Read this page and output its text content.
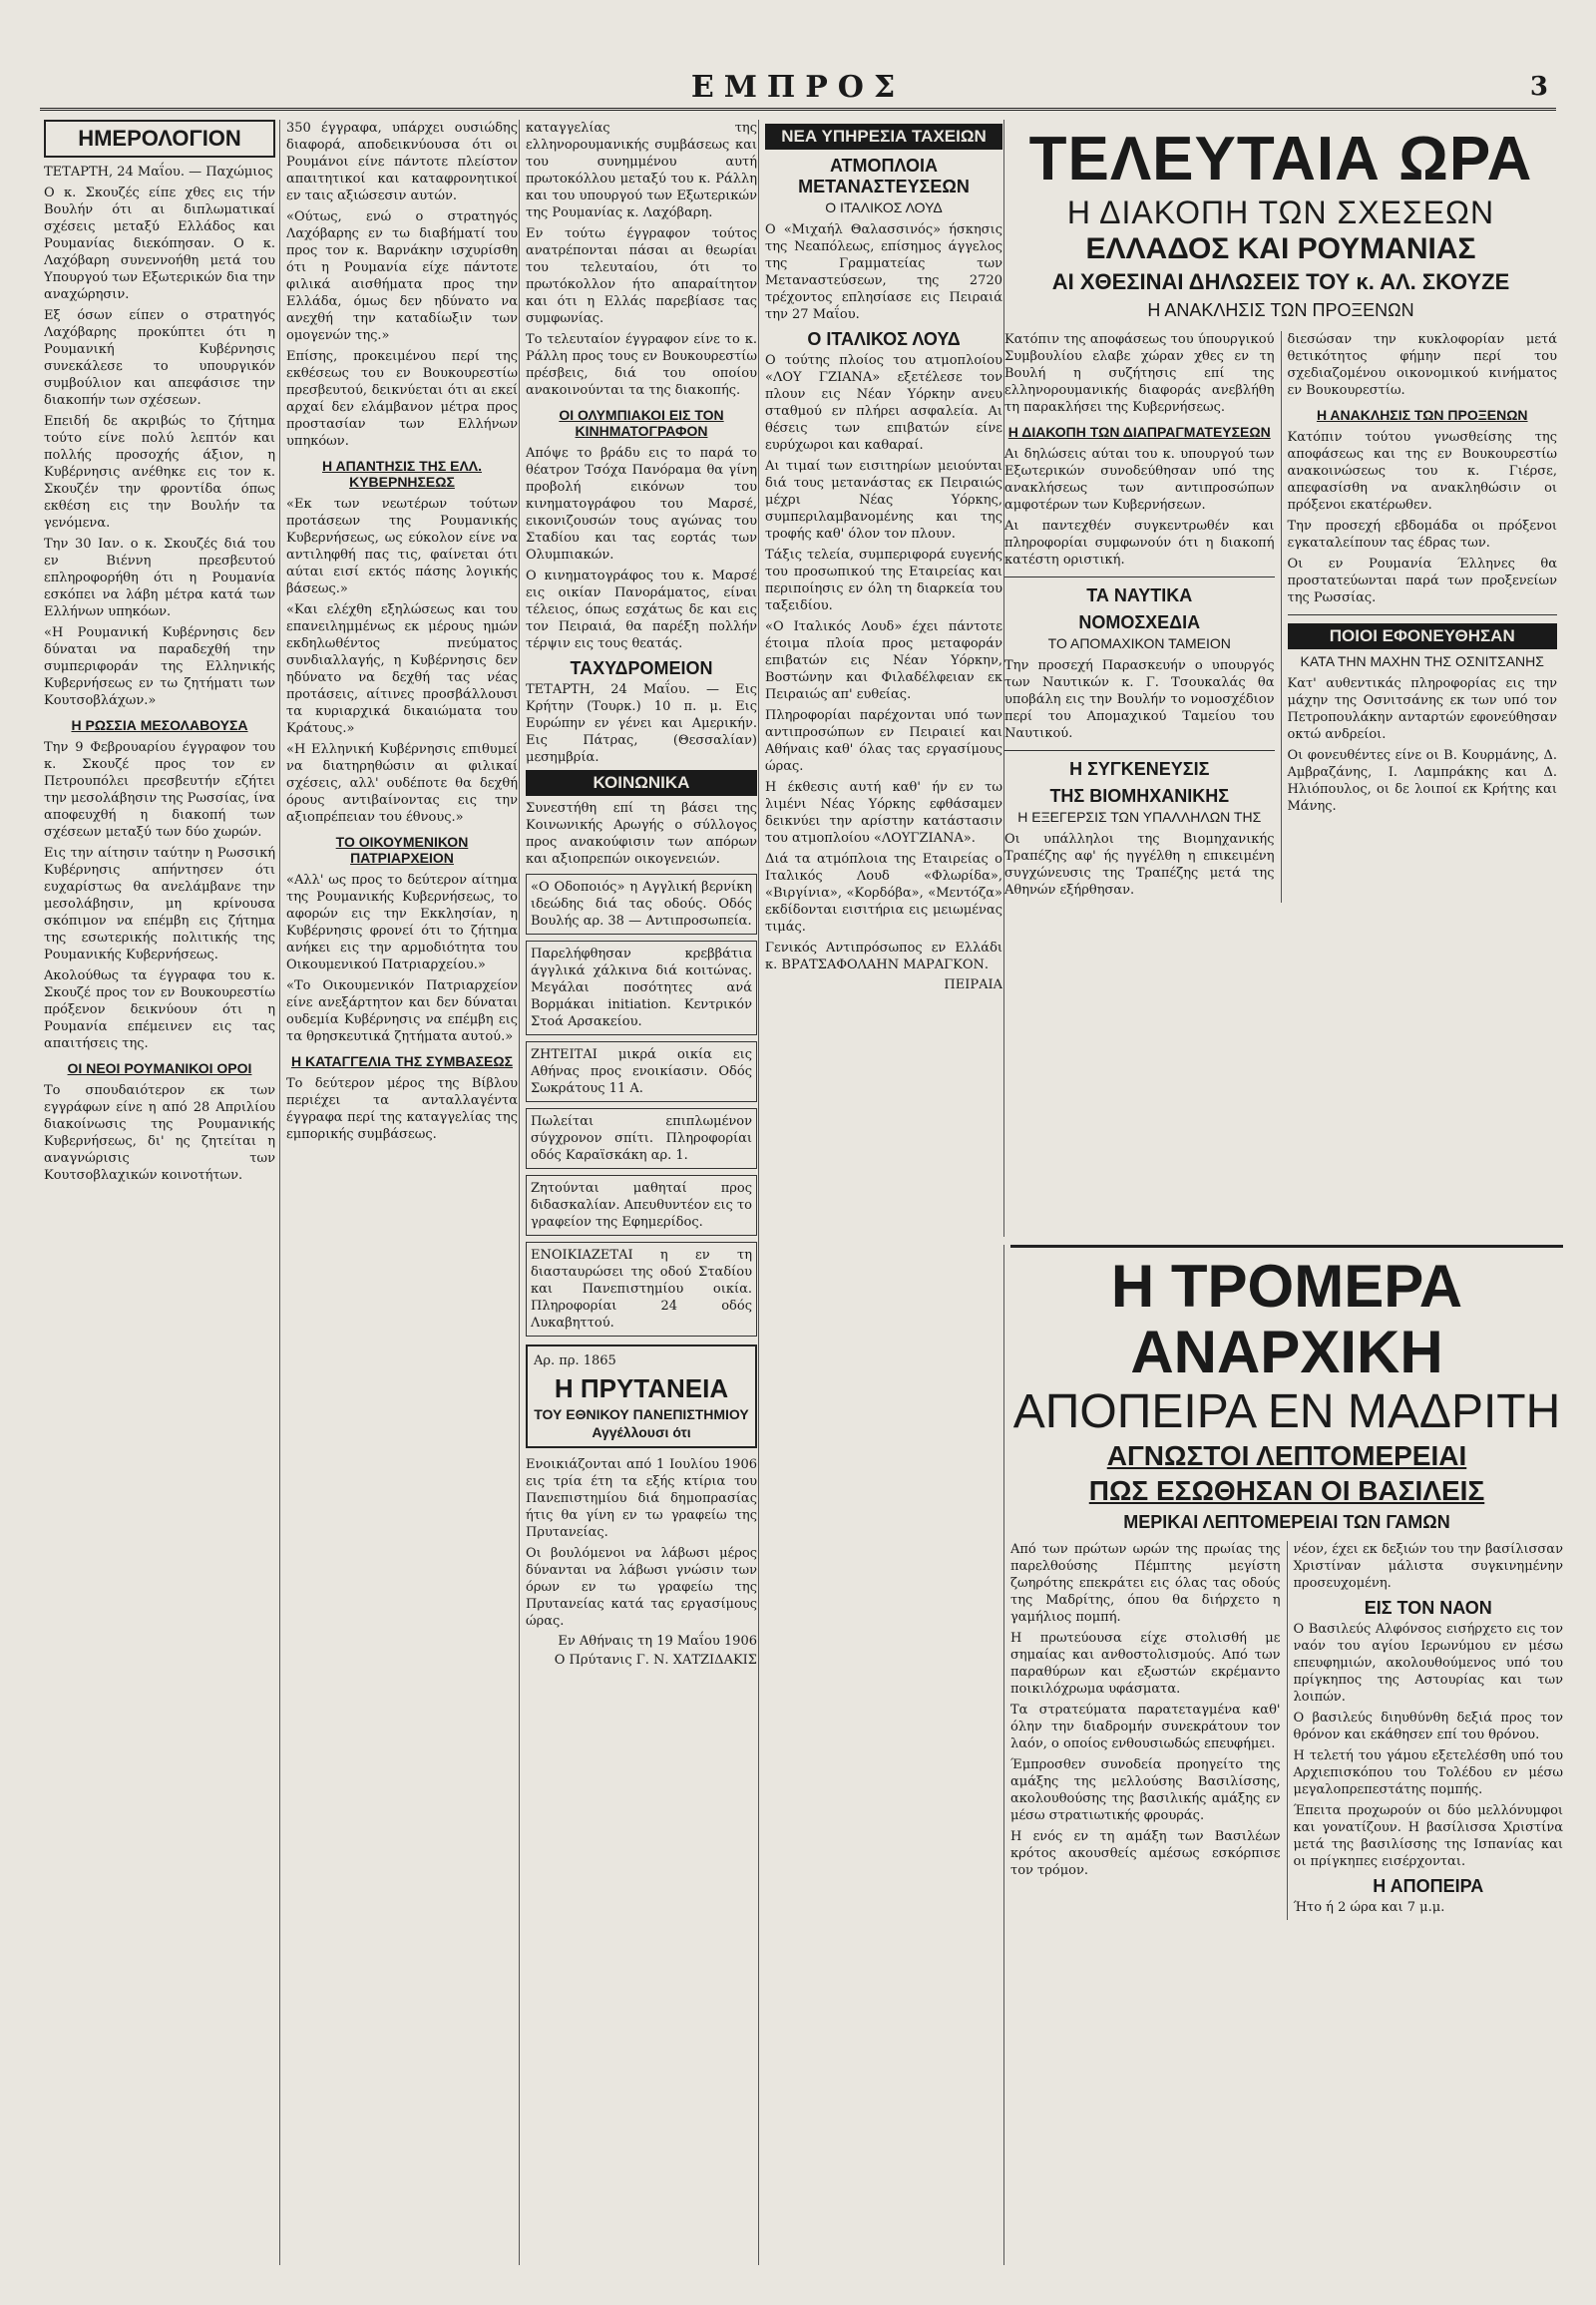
ΕΜΠΡΟΣ	3
ΗΜΕΡΟΛΟΓΙΟΝ

ΤΕΤΑΡΤΗ, 24 Μαΐου. — Παχώμιος

Ο κ. Σκουζές είπε χθες εις τήν Βουλήν ότι αι διπλωματικαί σχέσεις μεταξύ Ελλάδος και Ρουμανίας διεκόπησαν. Ο κ. Λαχόβαρη συνεννοήθη μετά του Υπουργού των Εξωτερικών δια την αναχώρησιν.

Εξ όσων είπεν ο στρατηγός Λαχόβαρης προκύπτει ότι η Ρουμανική Κυβέρνησις συνεκάλεσε το υπουργικόν συμβούλιον και απεφάσισε την διακοπήν των σχέσεων.

Επειδή δε ακριβώς το ζήτημα τούτο είνε πολύ λεπτόν και πολλής προσοχής άξιον, η Κυβέρνησις ανέθηκε εις τον κ. Σκουζέν την φροντίδα όπως εκθέση εις την Βουλήν τα γενόμενα.

Την 30 Ιαν. ο κ. Σκουζές διά του εν Βιέννη πρεσβευτού επληροφορήθη ότι η Ρουμανία εσκόπει να λάβη μέτρα κατά των Ελλήνων υπηκόων.

«Η Ρουμανική Κυβέρνησις δεν δύναται να παραδεχθή την συμπεριφοράν της Ελληνικής Κυβερνήσεως εν τω ζητήματι των Κουτσοβλάχων.»

Η ΡΩΣΣΙΑ ΜΕΣΟΛΑΒΟΥΣΑ

Την 9 Φεβρουαρίου έγγραφον του κ. Σκουζέ προς τον εν Πετρουπόλει πρεσβευτήν εζήτει την μεσολάβησιν της Ρωσσίας, ίνα αποφευχθή η διακοπή των σχέσεων μεταξύ των δύο χωρών.

Εις την αίτησιν ταύτην η Ρωσσική Κυβέρνησις απήντησεν ότι ευχαρίστως θα ανελάμβανε την μεσολάβησιν, μη κρίνουσα σκόπιμον να επέμβη εις ζήτημα της εσωτερικής πολιτικής της Ρουμανικής Κυβερνήσεως.

Ακολούθως τα έγγραφα του κ. Σκουζέ προς τον εν Βουκουρεστίω πρόξενον δεικνύουν ότι η Ρουμανία επέμεινεν εις τας απαιτήσεις της.

ΟΙ ΝΕΟΙ ΡΟΥΜΑΝΙΚΟΙ ΟΡΟΙ

Το σπουδαιότερον εκ των εγγράφων είνε η από 28 Απριλίου διακοίνωσις της Ρουμανικής Κυβερνήσεως, δι' ης ζητείται η αναγνώρισις των Κουτσοβλαχικών κοινοτήτων.

350 έγγραφα, υπάρχει ουσιώδης διαφορά, αποδεικνύουσα ότι οι Ρουμάνοι είνε πάντοτε πλείστον απαιτητικοί και καταφρονητικοί εν ταις αξιώσεσιν αυτών.

«Ούτως, ενώ ο στρατηγός Λαχόβαρης εν τω διαβήματί του προς τον κ. Βαρνάκην ισχυρίσθη ότι η Ρουμανία είχε πάντοτε φιλικά αισθήματα προς την Ελλάδα, όμως δεν ηδύνατο να ανεχθή την καταδίωξιν των ομογενών της.»

Επίσης, προκειμένου περί της εκθέσεως του εν Βουκουρεστίω πρεσβευτού, δεικνύεται ότι αι εκεί αρχαί δεν ελάμβανον μέτρα προς προστασίαν των Ελλήνων υπηκόων.

Η ΑΠΑΝΤΗΣΙΣ ΤΗΣ ΕΛΛ. ΚΥΒΕΡΝΗΣΕΩΣ

«Εκ των νεωτέρων τούτων προτάσεων της Ρουμανικής Κυβερνήσεως, ως εύκολον είνε να αντιληφθή πας τις, φαίνεται ότι αύται εισί εκτός πάσης λογικής βάσεως.»

«Και ελέχθη εξηλώσεως και του επανειλημμένως εκ μέρους ημών εκδηλωθέντος πνεύματος συνδιαλλαγής, η Κυβέρνησις δεν ηδύνατο να δεχθή τας νέας προτάσεις, αίτινες προσβάλλουσι τα κυριαρχικά δικαιώματα του Κράτους.»

«Η Ελληνική Κυβέρνησις επιθυμεί να διατηρηθώσιν αι φιλικαί σχέσεις, αλλ' ουδέποτε θα δεχθή όρους αντιβαίνοντας εις την αξιοπρέπειαν του έθνους.»

ΤΟ ΟΙΚΟΥΜΕΝΙΚΟΝ ΠΑΤΡΙΑΡΧΕΙΟΝ

«Αλλ' ως προς το δεύτερον αίτημα της Ρουμανικής Κυβερνήσεως, το αφορών εις την Εκκλησίαν, η Κυβέρνησις φρονεί ότι το ζήτημα ανήκει εις την αρμοδιότητα του Οικουμενικού Πατριαρχείου.»

«Το Οικουμενικόν Πατριαρχείον είνε ανεξάρτητον και δεν δύναται ουδεμία Κυβέρνησις να επέμβη εις τα θρησκευτικά ζητήματα αυτού.»

Η ΚΑΤΑΓΓΕΛΙΑ ΤΗΣ ΣΥΜΒΑΣΕΩΣ

Το δεύτερον μέρος της Βίβλου περιέχει τα ανταλλαγέντα έγγραφα περί της καταγγελίας της εμπορικής συμβάσεως.

καταγγελίας της ελληνορουμανικής συμβάσεως και του συνημμένου αυτή πρωτοκόλλου μεταξύ του κ. Ράλλη και του υπουργού των Εξωτερικών της Ρουμανίας κ. Λαχόβαρη.

Εν τούτω έγγραφον τούτος ανατρέπονται πάσαι αι θεωρίαι του τελευταίου, ότι το πρωτόκολλον ήτο απαραίτητον και ότι η Ελλάς παρεβίασε τας συμφωνίας.

Το τελευταίον έγγραφον είνε το κ. Ράλλη προς τους εν Βουκουρεστίω πρέσβεις, διά του οποίου ανακοινούνται τα της διακοπής.

ΟΙ ΟΛΥΜΠΙΑΚΟΙ ΕΙΣ ΤΟΝ ΚΙΝΗΜΑΤΟΓΡΑΦΟΝ

Απόψε το βράδυ εις το παρά το θέατρον Τσόχα Πανόραμα θα γίνη προβολή εικόνων του κινηματογράφου του Μαρσέ, εικονιζουσών τους αγώνας του Σταδίου και τας εορτάς των Ολυμπιακών.

Ο κινηματογράφος του κ. Μαρσέ εις οικίαν Πανοράματος, είναι τέλειος, όπως εσχάτως δε και εις τον Πειραιά, θα παρέξη πολλήν τέρψιν εις τους θεατάς.

ΤΑΧΥΔΡΟΜΕΙΟΝ

ΤΕΤΑΡΤΗ, 24 Μαΐου. — Εις Κρήτην (Τουρκ.) 10 π. μ. Εις Ευρώπην εν γένει και Αμερικήν. Εις Πάτρας, (Θεσσαλίαν) μεσημβρία.

ΚΟΙΝΩΝΙΚΑ

Συνεστήθη επί τη βάσει της Κοινωνικής Αρωγής ο σύλλογος προς ανακούφισιν των απόρων και αξιοπρεπών οικογενειών.

«Ο Οδοποιός» η Αγγλική βερνίκη ιδεώδης διά τας οδούς. Οδός Βουλής αρ. 38 — Αντιπροσωπεία.

Παρελήφθησαν κρεββάτια άγγλικά χάλκινα διά κοιτώνας. Μεγάλαι ποσότητες ανά Βορμάκαι initiation. Κεντρικόν Στοά Αρσακείου.

ΖΗΤΕΙΤΑΙ μικρά οικία εις Αθήνας προς ενοικίασιν. Οδός Σωκράτους 11 Α.

Πωλείται επιπλωμένον σύγχρονον σπίτι. Πληροφορίαι οδός Καραϊσκάκη αρ. 1.

Ζητούνται μαθηταί προς διδασκαλίαν. Απευθυντέον εις το γραφείον της Εφημερίδος.

ΕΝΟΙΚΙΑΖΕΤΑΙ η εν τη διασταυρώσει της οδού Σταδίου και Πανεπιστημίου οικία. Πληροφορίαι 24 οδός Λυκαβηττού.

Αρ. πρ. 1865
Η ΠΡΥΤΑΝΕΙΑ
ΤΟΥ ΕΘΝΙΚΟΥ ΠΑΝΕΠΙΣΤΗΜΙΟΥ
Αγγέλλουσι ότι

Ενοικιάζονται από 1 Ιουλίου 1906 εις τρία έτη τα εξής κτίρια του Πανεπιστημίου διά δημοπρασίας ήτις θα γίνη εν τω γραφείω της Πρυτανείας.

Οι βουλόμενοι να λάβωσι μέρος δύνανται να λάβωσι γνώσιν των όρων εν τω γραφείω της Πρυτανείας κατά τας εργασίμους ώρας.

Εν Αθήναις τη 19 Μαΐου 1906
Ο Πρύτανις Γ. Ν. ΧΑΤΖΙΔΑΚΙΣ
ΤΕΛΕΥΤΑΙΑ ΩΡΑ
Η ΔΙΑΚΟΠΗ ΤΩΝ ΣΧΕΣΕΩΝ
ΕΛΛΑΔΟΣ ΚΑΙ ΡΟΥΜΑΝΙΑΣ
ΑΙ ΧΘΕΣΙΝΑΙ ΔΗΛΩΣΕΙΣ ΤΟΥ κ. ΑΛ. ΣΚΟΥΖΕ
Η ΑΝΑΚΛΗΣΙΣ ΤΩΝ ΠΡΟΞΕΝΩΝ

Κατόπιν της αποφάσεως του ύπουργικού Συμβουλίου ελαβε χώραν χθες εν τη Βουλή η συζήτησις επί της ελληνορουμανικής διαφοράς ανεβλήθη τη παρακλήσει της Κυβερνήσεως.

Η ΔΙΑΚΟΠΗ ΤΩΝ ΔΙΑΠΡΑΓΜΑΤΕΥΣΕΩΝ

Αι δηλώσεις αύται του κ. υπουργού των Εξωτερικών συνοδεύθησαν υπό της ανακλήσεως των αντιπροσώπων αμφοτέρων των Κυβερνήσεων.

Αι παντεχθέν συγκεντρωθέν και πληροφορίαι συμφωνούν ότι η διακοπή κατέστη οριστική.

ΤΑ ΝΑΥΤΙΚΑ
ΝΟΜΟΣΧΕΔΙΑ
ΤΟ ΑΠΟΜΑΧΙΚΟΝ ΤΑΜΕΙΟΝ

Την προσεχή Παρασκευήν ο υπουργός των Ναυτικών κ. Γ. Τσουκαλάς θα υποβάλη εις την Βουλήν το νομοσχέδιον περί του Απομαχικού Ταμείου του Ναυτικού.

Η ΣΥΓΚΕΝΕΥΣΙΣ
ΤΗΣ ΒΙΟΜΗΧΑΝΙΚΗΣ
Η ΕΞΕΓΕΡΣΙΣ ΤΩΝ ΥΠΑΛΛΗΛΩΝ ΤΗΣ

Οι υπάλληλοι της Βιομηχανικής Τραπέζης αφ' ής ηγγέλθη η επικειμένη συγχώνευσις της Τραπέζης μετά της Αθηνών εξήρθησαν.

διεσώσαν την κυκλοφορίαν μετά θετικότητος φήμην περί του σχεδιαζομένου οικονομικού κινήματος εν Βουκουρεστίω.

Η ΑΝΑΚΛΗΣΙΣ ΤΩΝ ΠΡΟΞΕΝΩΝ

Κατόπιν τούτου γνωσθείσης της αποφάσεως και της εν Βουκουρεστίω ανακοινώσεως του κ. Γιέρσε, απεφασίσθη να ανακληθώσιν οι πρόξενοι εκατέρωθεν.

Την προσεχή εβδομάδα οι πρόξενοι εγκαταλείπουν τας έδρας των.

Οι εν Ρουμανία Έλληνες θα προστατεύωνται παρά των προξενείων της Ρωσσίας.

ΠΟΙΟΙ ΕΦΟΝΕΥΘΗΣΑΝ
ΚΑΤΑ ΤΗΝ ΜΑΧΗΝ ΤΗΣ ΟΣΝΙΤΣΑΝΗΣ

Κατ' αυθεντικάς πληροφορίας εις την μάχην της Οσνιτσάνης εκ των υπό τον Πετροπουλάκην ανταρτών εφονεύθησαν οκτώ ανδρείοι.

Οι φονευθέντες είνε οι Β. Κουρμάνης, Δ. Αμβραζάνης, Ι. Λαμπράκης και Δ. Ηλιόπουλος, οι δε λοιποί εκ Κρήτης και Μάνης.

Η ΤΡΟΜΕΡΑ ΑΝΑΡΧΙΚΗ
ΑΠΟΠΕΙΡΑ ΕΝ ΜΑΔΡΙΤΗ
ΑΓΝΩΣΤΟΙ ΛΕΠΤΟΜΕΡΕΙΑΙ
ΠΩΣ ΕΣΩΘΗΣΑΝ ΟΙ ΒΑΣΙΛΕΙΣ
ΜΕΡΙΚΑΙ ΛΕΠΤΟΜΕΡΕΙΑΙ ΤΩΝ ΓΑΜΩΝ

Από των πρώτων ωρών της πρωίας της παρελθούσης Πέμπτης μεγίστη ζωηρότης επεκράτει εις όλας τας οδούς της Μαδρίτης, όπου θα διήρχετο η γαμήλιος πομπή.

Η πρωτεύουσα είχε στολισθή με σημαίας και ανθοστολισμούς. Από των παραθύρων και εξωστών εκρέμαντο ποικιλόχρωμα υφάσματα.

Τα στρατεύματα παρατεταγμένα καθ' όλην την διαδρομήν συνεκράτουν τον λαόν, ο οποίος ενθουσιωδώς επευφήμει.

Έμπροσθεν συνοδεία προηγείτο της αμάξης της μελλούσης Βασιλίσσης, ακολουθούσης της βασιλικής αμάξης εν μέσω στρατιωτικής φρουράς.

Η ενός εν τη αμάξη των Βασιλέων κρότος ακουσθείς αμέσως εσκόρπισε τον τρόμον.

νέον, έχει εκ δεξιών του την βασίλισσαν Χριστίναν μάλιστα συγκινημένην προσευχομένη.

ΕΙΣ ΤΟΝ ΝΑΟΝ

Ο Βασιλεύς Αλφόνσος εισήρχετο εις τον ναόν του αγίου Ιερωνύμου εν μέσω επευφημιών, ακολουθούμενος υπό του πρίγκηπος της Αστουρίας και των λοιπών.

Ο βασιλεύς διηυθύνθη δεξιά προς τον θρόνον και εκάθησεν επί του θρόνου.

Η τελετή του γάμου εξετελέσθη υπό του Αρχιεπισκόπου του Τολέδου εν μέσω μεγαλοπρεπεστάτης πομπής.

Έπειτα προχωρούν οι δύο μελλόνυμφοι και γονατίζουν. Η βασίλισσα Χριστίνα μετά της βασιλίσσης της Ισπανίας και οι πρίγκηπες εισέρχονται.

Η ΑΠΟΠΕΙΡΑ

Ήτο ή 2 ώρα και 7 μ.μ.

ΝΕΑ ΥΠΗΡΕΣΙΑ ΤΑΧΕΙΩΝ
ΑΤΜΟΠΛΟΙΑ ΜΕΤΑΝΑΣΤΕΥΣΕΩΝ
Ο ΙΤΑΛΙΚΟΣ ΛΟΥΔ

Ο «Μιχαήλ Θαλασσινός» ήσκησις της Νεαπόλεως, επίσημος άγγελος της Γραμματείας των Μεταναστεύσεων, της 2720 τρέχοντος επλησίασε εις Πειραιά την 27 Μαΐου.

Ο ΙΤΑΛΙΚΟΣ ΛΟΥΔ

Ο τούτης πλοίος του ατμοπλοίου «ΛΟΥ ΓΖΙΑΝΑ» εξετέλεσε τον πλουν εις Νέαν Υόρκην ανευ σταθμού εν πλήρει ασφαλεία. Αι θέσεις των επιβατών είνε ευρύχωροι και καθαραί.

Αι τιμαί των εισιτηρίων μειούνται διά τους μετανάστας εκ Πειραιώς μέχρι Νέας Υόρκης, συμπεριλαμβανομένης και της τροφής καθ' όλον τον πλουν.

Τάξις τελεία, συμπεριφορά ευγενής του προσωπικού της Εταιρείας και περιποίησις εν όλη τη διαρκεία του ταξειδίου.

«Ο Ιταλικός Λουδ» έχει πάντοτε έτοιμα πλοία προς μεταφοράν επιβατών εις Νέαν Υόρκην, Βοστώνην και Φιλαδέλφειαν εκ Πειραιώς απ' ευθείας.

Πληροφορίαι παρέχονται υπό των αντιπροσώπων εν Πειραιεί και Αθήναις καθ' όλας τας εργασίμους ώρας.

Η έκθεσις αυτή καθ' ήν εν τω λιμένι Νέας Υόρκης εφθάσαμεν δεικνύει την αρίστην κατάστασιν του ατμοπλοίου «ΛΟΥΓΖΙΑΝΑ».

Διά τα ατμόπλοια της Εταιρείας ο Ιταλικός Λουδ «Φλωρίδα», «Βιργίνια», «Κορδόβα», «Μεντόζα» εκδίδονται εισιτήρια εις μειωμένας τιμάς.

Γενικός Αντιπρόσωπος εν Ελλάδι κ. ΒΡΑΤΣΑΦΟΛΑΗΝ ΜΑΡΑΓΚΟΝ.

ΠΕΙΡΑΙΑ
